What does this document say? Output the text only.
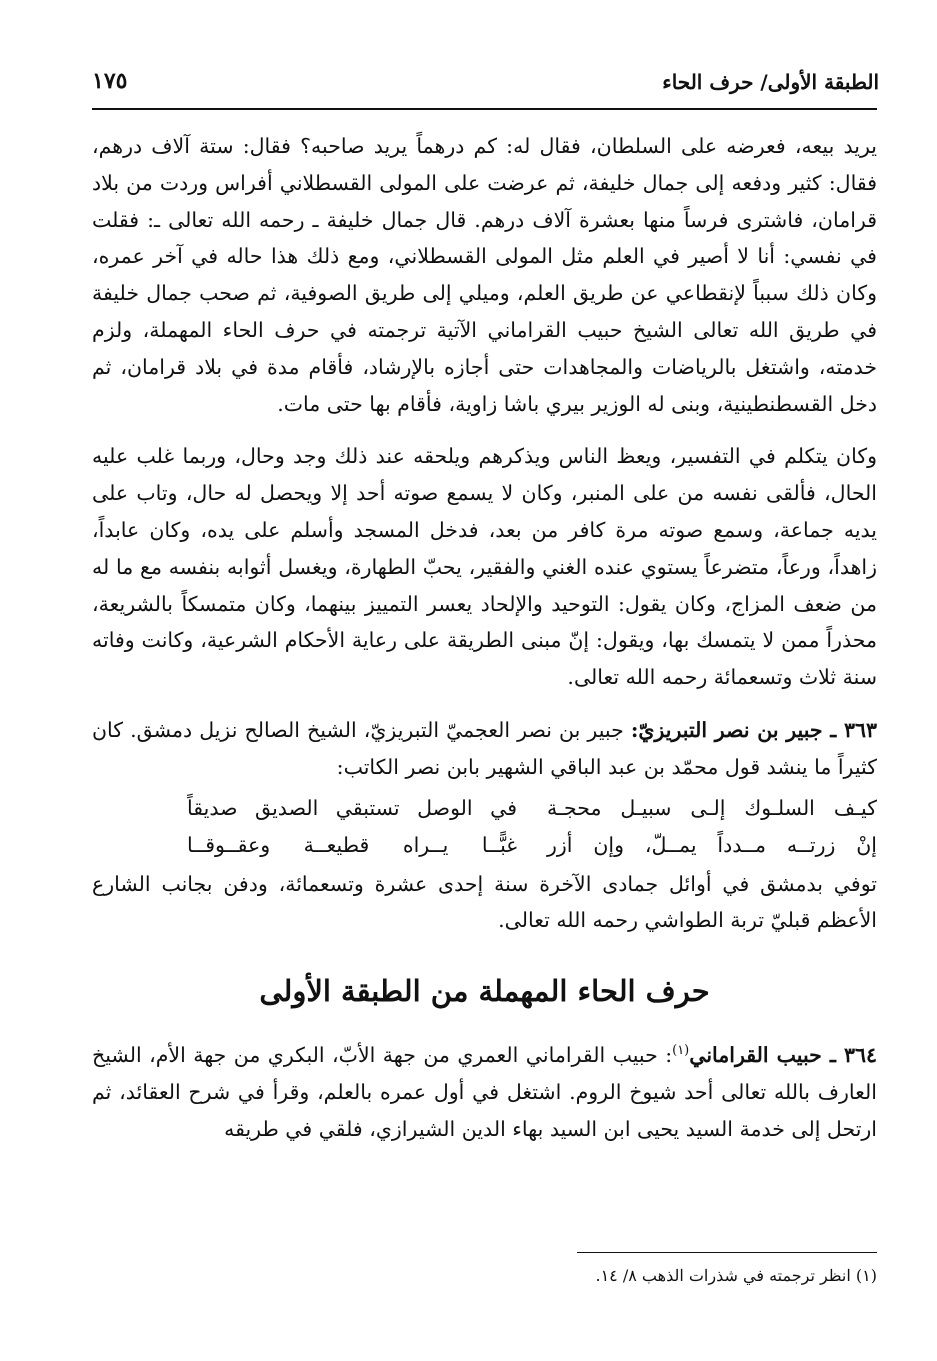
الطبقة الأولى/ حرف الحاء
١٧٥

يريد بيعه، فعرضه على السلطان، فقال له: كم درهماً يريد صاحبه؟ فقال: ستة آلاف درهم، فقال: كثير ودفعه إلى جمال خليفة، ثم عرضت على المولى القسطلاني أفراس وردت من بلاد قرامان، فاشترى فرساً منها بعشرة آلاف درهم. قال جمال خليفة ـ رحمه الله تعالى ـ: فقلت في نفسي: أنا لا أصير في العلم مثل المولى القسطلاني، ومع ذلك هذا حاله في آخر عمره، وكان ذلك سبباً لإنقطاعي عن طريق العلم، وميلي إلى طريق الصوفية، ثم صحب جمال خليفة في طريق الله تعالى الشيخ حبيب القراماني الآتية ترجمته في حرف الحاء المهملة، ولزم خدمته، واشتغل بالرياضات والمجاهدات حتى أجازه بالإرشاد، فأقام مدة في بلاد قرامان، ثم دخل القسطنطينية، وبنى له الوزير بيري باشا زاوية، فأقام بها حتى مات.

وكان يتكلم في التفسير، ويعظ الناس ويذكرهم ويلحقه عند ذلك وجد وحال، وربما غلب عليه الحال، فألقى نفسه من على المنبر، وكان لا يسمع صوته أحد إلا ويحصل له حال، وتاب على يديه جماعة، وسمع صوته مرة كافر من بعد، فدخل المسجد وأسلم على يده، وكان عابداً، زاهداً، ورعاً، متضرعاً يستوي عنده الغني والفقير، يحبّ الطهارة، ويغسل أثوابه بنفسه مع ما له من ضعف المزاج، وكان يقول: التوحيد والإلحاد يعسر التمييز بينهما، وكان متمسكاً بالشريعة، محذراً ممن لا يتمسك بها، ويقول: إنّ مبنى الطريقة على رعاية الأحكام الشرعية، وكانت وفاته سنة ثلاث وتسعمائة رحمه الله تعالى.

٣٦٣ ـ جبير بن نصر التبريزيّ: جبير بن نصر العجميّ التبريزيّ، الشيخ الصالح نزيل دمشق. كان كثيراً ما ينشد قول محمّد بن عبد الباقي الشهير بابن نصر الكاتب:

كيـف السلـوك إلـى سبيـل محجـة
في الوصل تستبقي الصديق صديقاً
إنْ زرتــه مــدداً يمــلّ، وإن أزر
غبًّــا يــراه قطيعــة وعقــوقــا

توفي بدمشق في أوائل جمادى الآخرة سنة إحدى عشرة وتسعمائة، ودفن بجانب الشارع الأعظم قبليّ تربة الطواشي رحمه الله تعالى.

حرف الحاء المهملة من الطبقة الأولى

٣٦٤ ـ حبيب القراماني$^{(١)}$: حبيب القراماني العمري من جهة الأبّ، البكري من جهة الأم، الشيخ العارف بالله تعالى أحد شيوخ الروم. اشتغل في أول عمره بالعلم، وقرأ في شرح العقائد، ثم ارتحل إلى خدمة السيد يحيى ابن السيد بهاء الدين الشيرازي، فلقي في طريقه

(١) انظر ترجمته في شذرات الذهب ٨/ ١٤.
